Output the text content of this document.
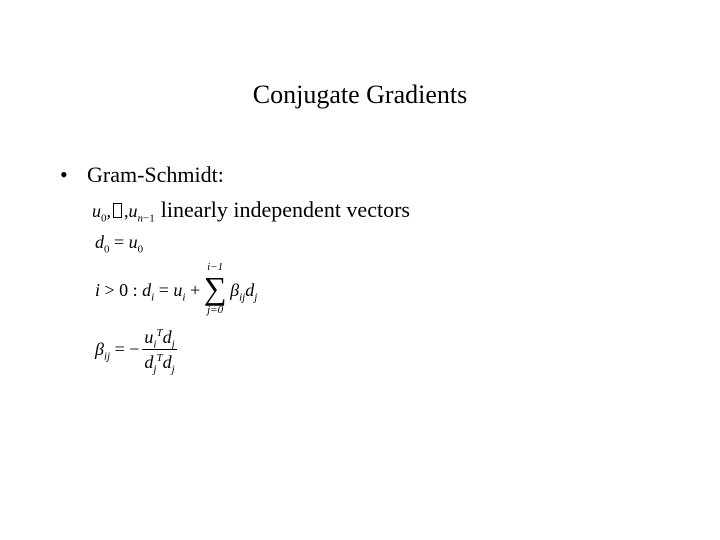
Conjugate Gradients
• Gram-Schmidt:
$u_0$, $,u_{n-1}$ linearly independent vectors
$d_0 = u_0$
i > 0 : $d_i = u_i$ +
i−1
∑
j=0
$\beta_{ij}d_j$
$\beta_{ij}$ = − $\frac{u_i^Td_j}{d_j^Td_j}$
